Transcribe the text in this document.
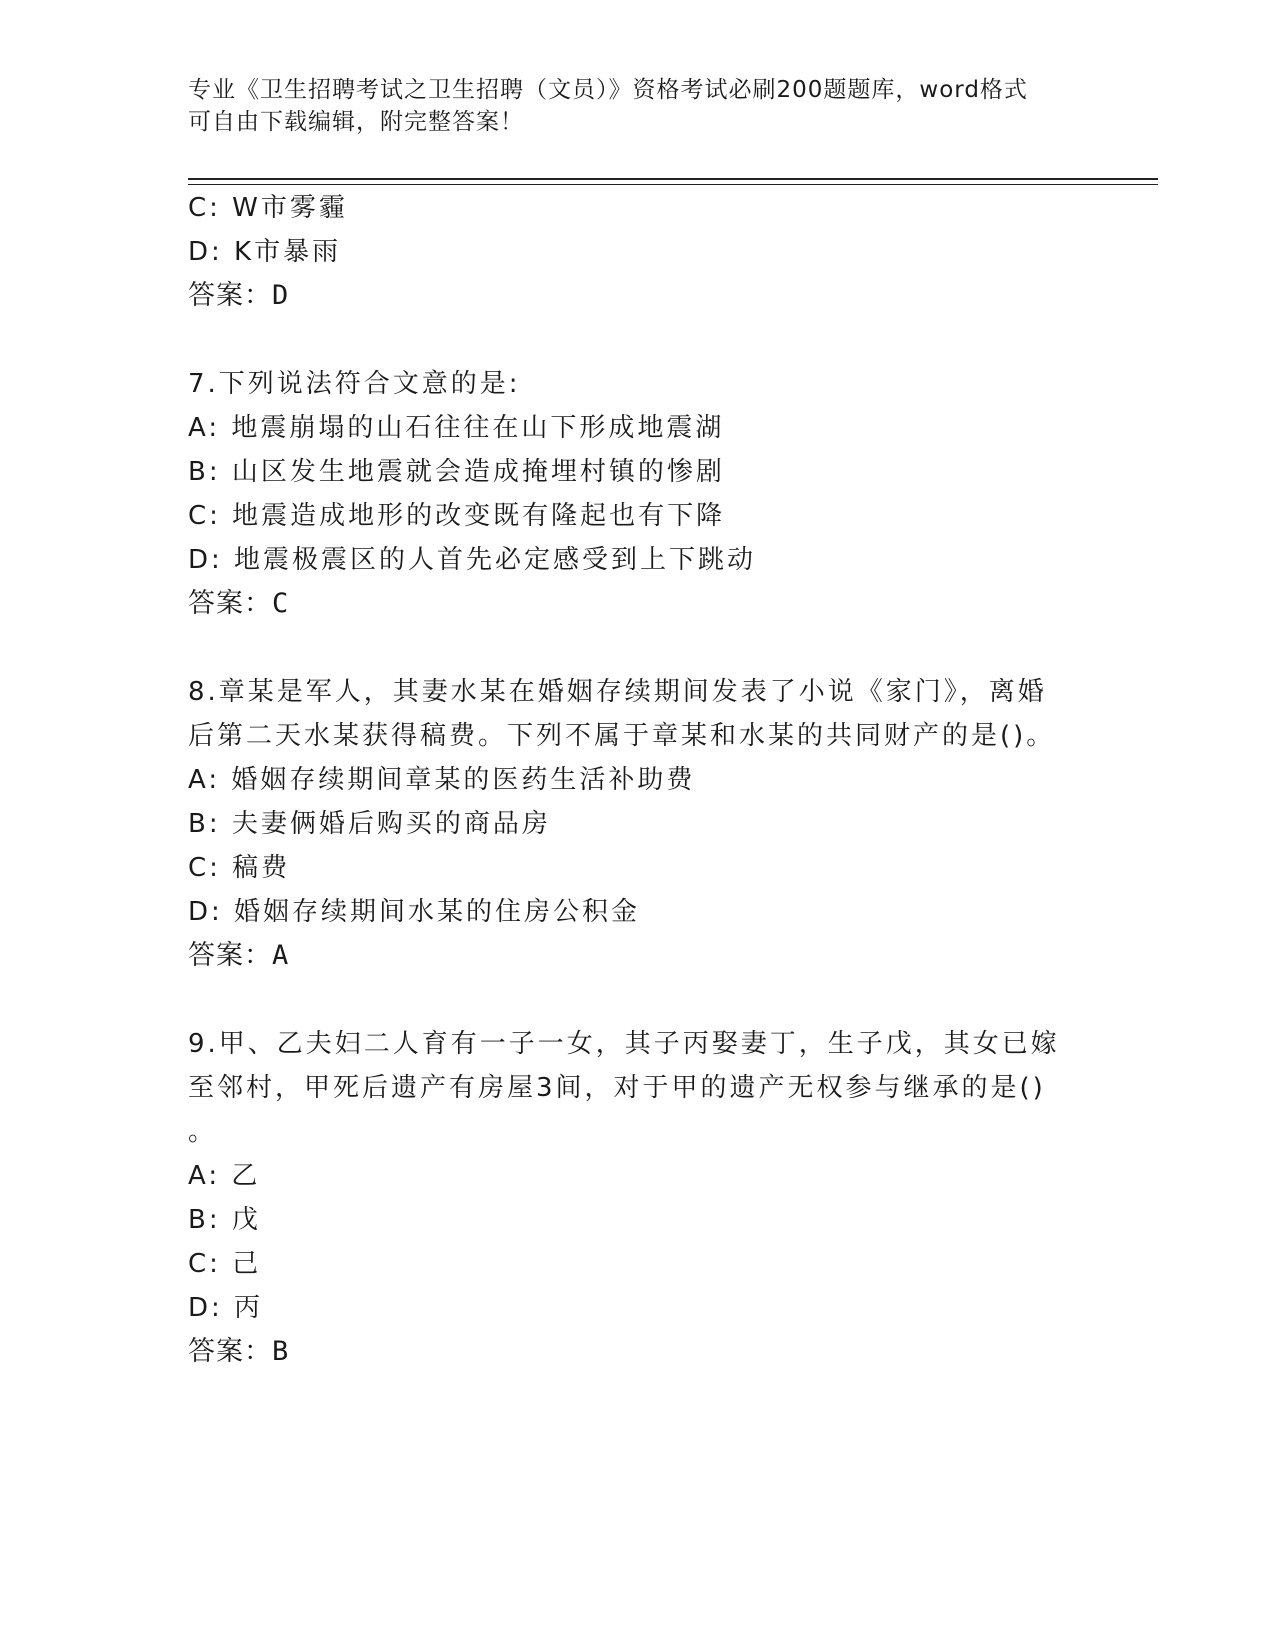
专业《卫生招聘考试之卫生招聘（文员）》资格考试必刷200题题库，word格式
可自由下载编辑，附完整答案！
C: W市雾霾
D: K市暴雨
答案：D
7.下列说法符合文意的是:
A: 地震崩塌的山石往往在山下形成地震湖
B: 山区发生地震就会造成掩埋村镇的惨剧
C: 地震造成地形的改变既有隆起也有下降
D: 地震极震区的人首先必定感受到上下跳动
答案：C
8.章某是军人，其妻水某在婚姻存续期间发表了小说《家门》，离婚
后第二天水某获得稿费。下列不属于章某和水某的共同财产的是()。
A: 婚姻存续期间章某的医药生活补助费
B: 夫妻俩婚后购买的商品房
C: 稿费
D: 婚姻存续期间水某的住房公积金
答案：A
9.甲、乙夫妇二人育有一子一女，其子丙娶妻丁，生子戊，其女已嫁
至邻村，甲死后遗产有房屋3间，对于甲的遗产无权参与继承的是()
。
A: 乙
B: 戊
C: 己
D: 丙
答案：B
